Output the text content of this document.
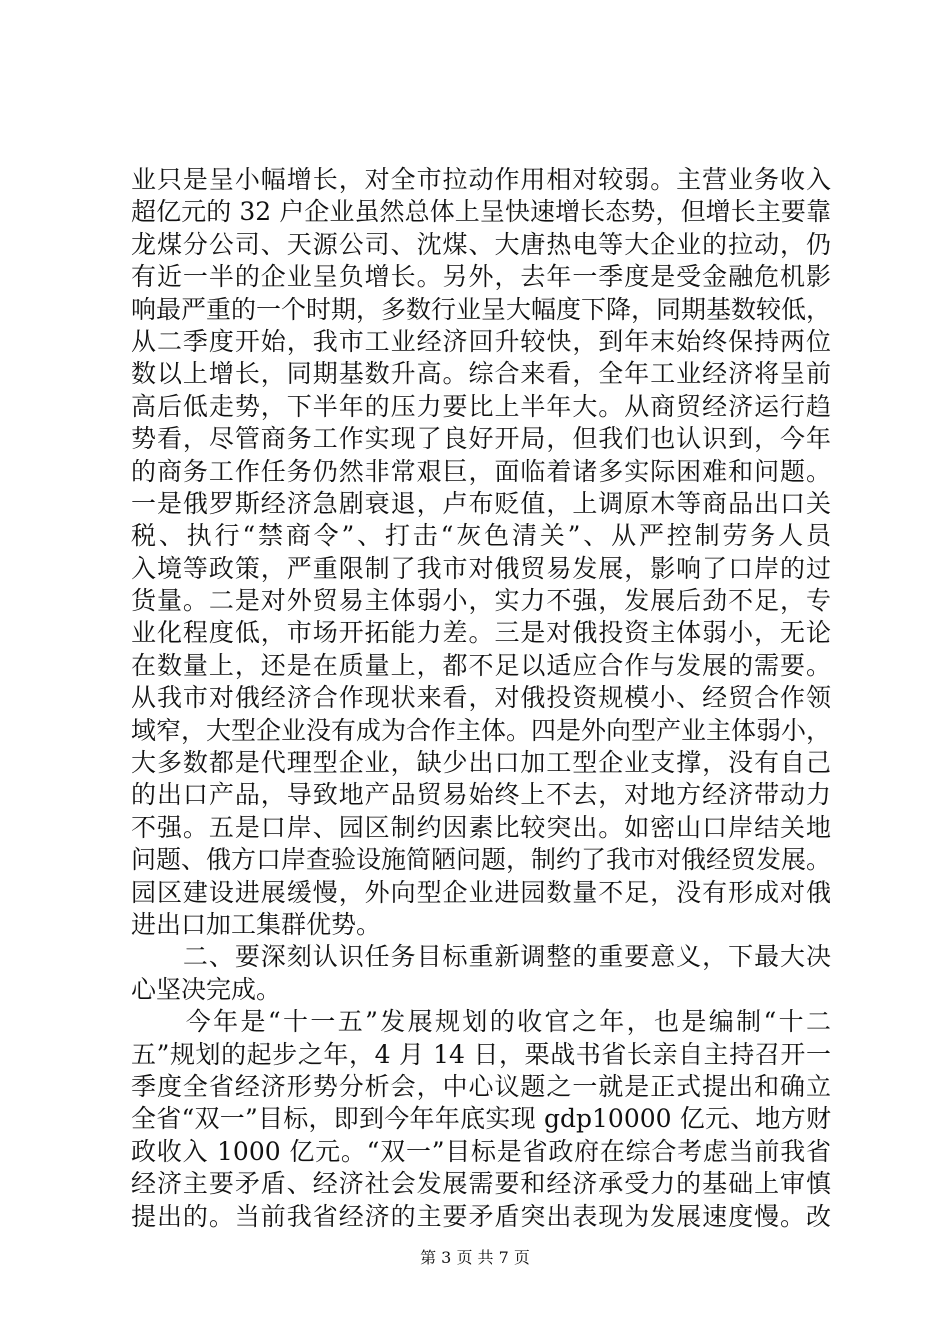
业只是呈小幅增长，对全市拉动作用相对较弱。主营业务收入
超亿元的 32 户企业虽然总体上呈快速增长态势，但增长主要靠
龙煤分公司、天源公司、沈煤、大唐热电等大企业的拉动，仍
有近一半的企业呈负增长。另外，去年一季度是受金融危机影
响最严重的一个时期，多数行业呈大幅度下降，同期基数较低，
从二季度开始，我市工业经济回升较快，到年末始终保持两位
数以上增长，同期基数升高。综合来看，全年工业经济将呈前
高后低走势，下半年的压力要比上半年大。从商贸经济运行趋
势看，尽管商务工作实现了良好开局，但我们也认识到，今年
的商务工作任务仍然非常艰巨，面临着诸多实际困难和问题。
一是俄罗斯经济急剧衰退，卢布贬值，上调原木等商品出口关
税、执行“禁商令”、打击“灰色清关”、从严控制劳务人员
入境等政策，严重限制了我市对俄贸易发展，影响了口岸的过
货量。二是对外贸易主体弱小，实力不强，发展后劲不足，专
业化程度低，市场开拓能力差。三是对俄投资主体弱小，无论
在数量上，还是在质量上，都不足以适应合作与发展的需要。
从我市对俄经济合作现状来看，对俄投资规模小、经贸合作领
域窄，大型企业没有成为合作主体。四是外向型产业主体弱小，
大多数都是代理型企业，缺少出口加工型企业支撑，没有自己
的出口产品，导致地产品贸易始终上不去，对地方经济带动力
不强。五是口岸、园区制约因素比较突出。如密山口岸结关地
问题、俄方口岸查验设施简陋问题，制约了我市对俄经贸发展。
园区建设进展缓慢，外向型企业进园数量不足，没有形成对俄
进出口加工集群优势。
　　二、要深刻认识任务目标重新调整的重要意义，下最大决
心坚决完成。
　　今年是“十一五”发展规划的收官之年，也是编制“十二
五”规划的起步之年，4 月 14 日，栗战书省长亲自主持召开一
季度全省经济形势分析会，中心议题之一就是正式提出和确立
全省“双一”目标，即到今年年底实现 gdp10000 亿元、地方财
政收入 1000 亿元。“双一”目标是省政府在综合考虑当前我省
经济主要矛盾、经济社会发展需要和经济承受力的基础上审慎
提出的。当前我省经济的主要矛盾突出表现为发展速度慢。改
第 3 页 共 7 页
